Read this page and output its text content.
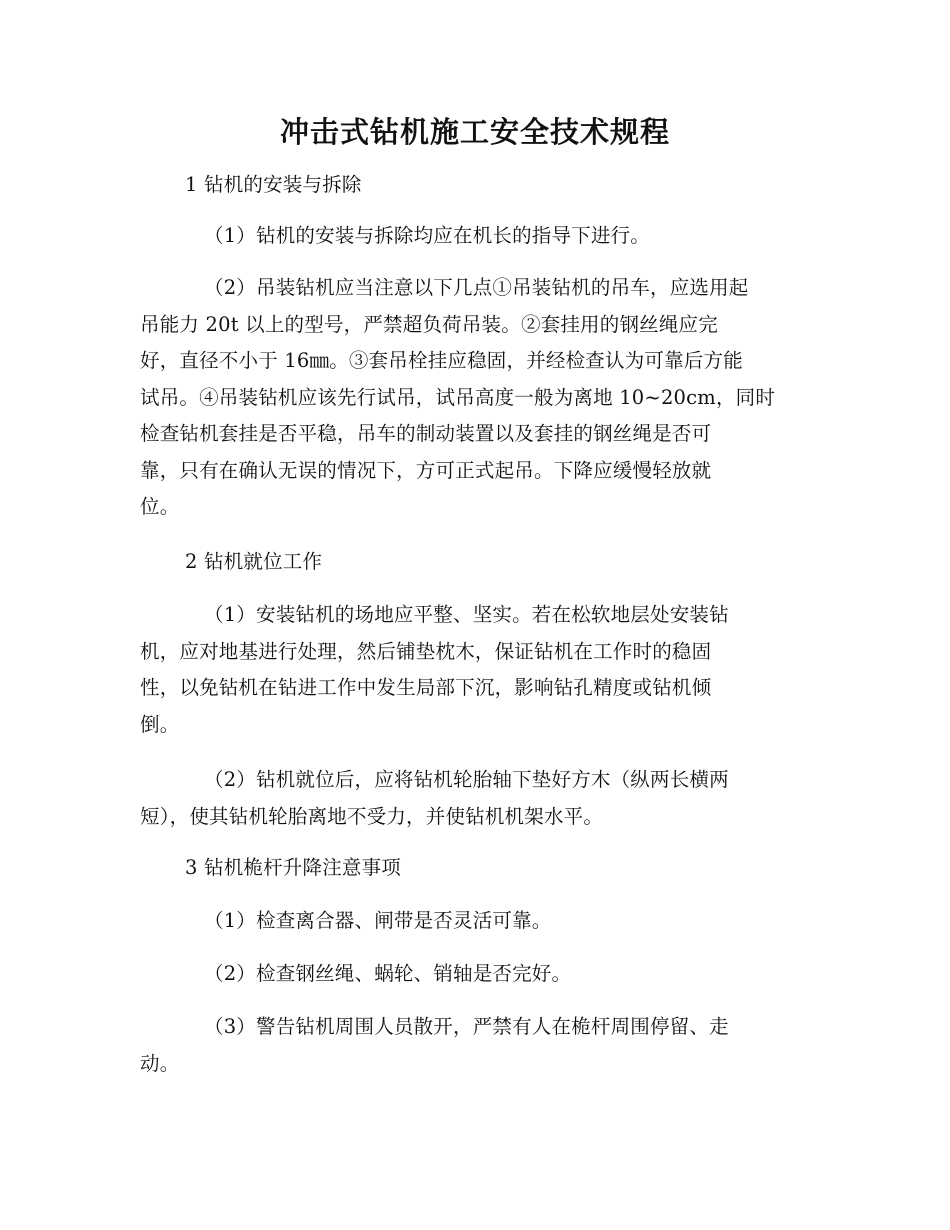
冲击式钻机施工安全技术规程
1 钻机的安装与拆除
（1）钻机的安装与拆除均应在机长的指导下进行。
（2）吊装钻机应当注意以下几点①吊装钻机的吊车，应选用起
吊能力 20t 以上的型号，严禁超负荷吊装。②套挂用的钢丝绳应完
好，直径不小于 16㎜。③套吊栓挂应稳固，并经检查认为可靠后方能
试吊。④吊装钻机应该先行试吊，试吊高度一般为离地 10~20cm，同时
检查钻机套挂是否平稳，吊车的制动装置以及套挂的钢丝绳是否可
靠，只有在确认无误的情况下，方可正式起吊。下降应缓慢轻放就
位。
2 钻机就位工作
（1）安装钻机的场地应平整、坚实。若在松软地层处安装钻
机，应对地基进行处理，然后铺垫枕木，保证钻机在工作时的稳固
性，以免钻机在钻进工作中发生局部下沉，影响钻孔精度或钻机倾
倒。
（2）钻机就位后，应将钻机轮胎轴下垫好方木（纵两长横两
短），使其钻机轮胎离地不受力，并使钻机机架水平。
3 钻机桅杆升降注意事项
（1）检查离合器、闸带是否灵活可靠。
（2）检查钢丝绳、蜗轮、销轴是否完好。
（3）警告钻机周围人员散开，严禁有人在桅杆周围停留、走
动。
